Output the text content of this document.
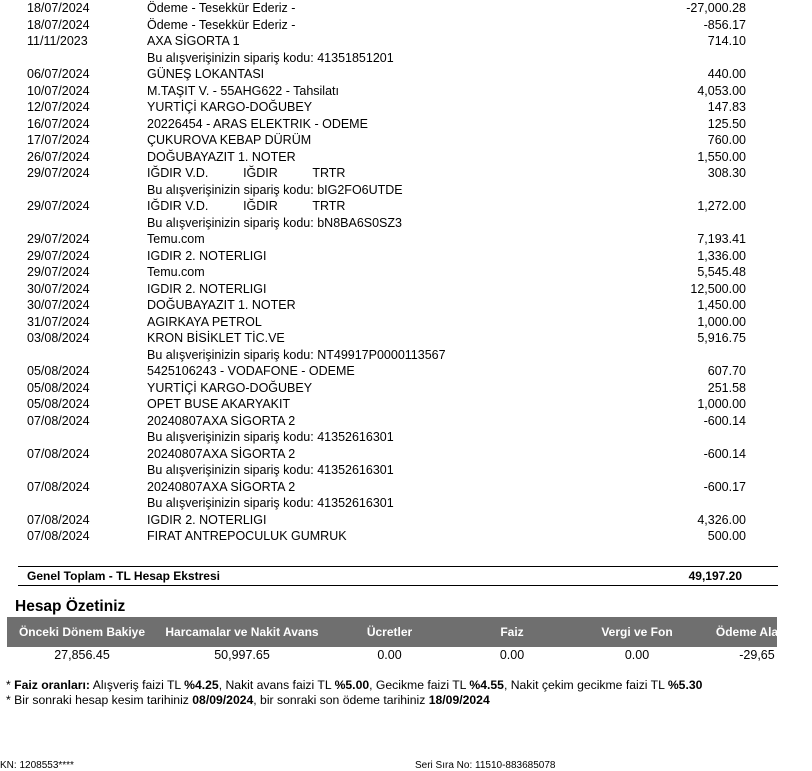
18/07/2024	Ödeme - Tesekkür Ederiz -	-27,000.28
18/07/2024	Ödeme - Tesekkür Ederiz -	-856.17
11/11/2023	AXA SİGORTA 1	714.10
Bu alışverişinizin sipariş kodu: 41351851201
06/07/2024	GÜNEŞ LOKANTASI	440.00
10/07/2024	M.TAŞIT V. - 55AHG622 - Tahsilatı	4,053.00
12/07/2024	YURTİÇİ KARGO-DOĞUBEY	147.83
16/07/2024	20226454 - ARAS ELEKTRIK - ODEME	125.50
17/07/2024	ÇUKUROVA KEBAP DÜRÜM	760.00
26/07/2024	DOĞUBAYAZIT 1. NOTER	1,550.00
29/07/2024	IĞDIR V.D.          IĞDIR          TRTR	308.30
Bu alışverişinizin sipariş kodu: bIG2FO6UTDE
29/07/2024	IĞDIR V.D.          IĞDIR          TRTR	1,272.00
Bu alışverişinizin sipariş kodu: bN8BA6S0SZ3
29/07/2024	Temu.com	7,193.41
29/07/2024	IGDIR 2. NOTERLIGI	1,336.00
29/07/2024	Temu.com	5,545.48
30/07/2024	IGDIR 2. NOTERLIGI	12,500.00
30/07/2024	DOĞUBAYAZIT 1. NOTER	1,450.00
31/07/2024	AGIRKAYA PETROL	1,000.00
03/08/2024	KRON BİSİKLET TİC.VE	5,916.75
Bu alışverişinizin sipariş kodu: NT49917P0000113567
05/08/2024	5425106243 - VODAFONE - ODEME	607.70
05/08/2024	YURTİÇİ KARGO-DOĞUBEY	251.58
05/08/2024	OPET BUSE AKARYAKIT	1,000.00
07/08/2024	20240807AXA SİGORTA 2	-600.14
Bu alışverişinizin sipariş kodu: 41352616301
07/08/2024	20240807AXA SİGORTA 2	-600.14
Bu alışverişinizin sipariş kodu: 41352616301
07/08/2024	20240807AXA SİGORTA 2	-600.17
Bu alışverişinizin sipariş kodu: 41352616301
07/08/2024	IGDIR 2. NOTERLIGI	4,326.00
07/08/2024	FIRAT ANTREPOCULUK GUMRUK	500.00
Genel Toplam - TL Hesap Ekstresi	49,197.20
Hesap Özetiniz
Önceki Dönem Bakiye	Harcamalar ve Nakit Avans	Ücretler	Faiz	Vergi ve Fon	Ödeme Alacak
27,856.45	50,997.65	0.00	0.00	0.00	-29,65
* Faiz oranları: Alışveriş faizi TL %4.25, Nakit avans faizi TL %5.00, Gecikme faizi TL %4.55, Nakit çekim gecikme faizi TL %5.30
* Bir sonraki hesap kesim tarihiniz 08/09/2024, bir sonraki son ödeme tarihiniz 18/09/2024
KN: 1208553****	Seri Sıra No: 11510-883685078
